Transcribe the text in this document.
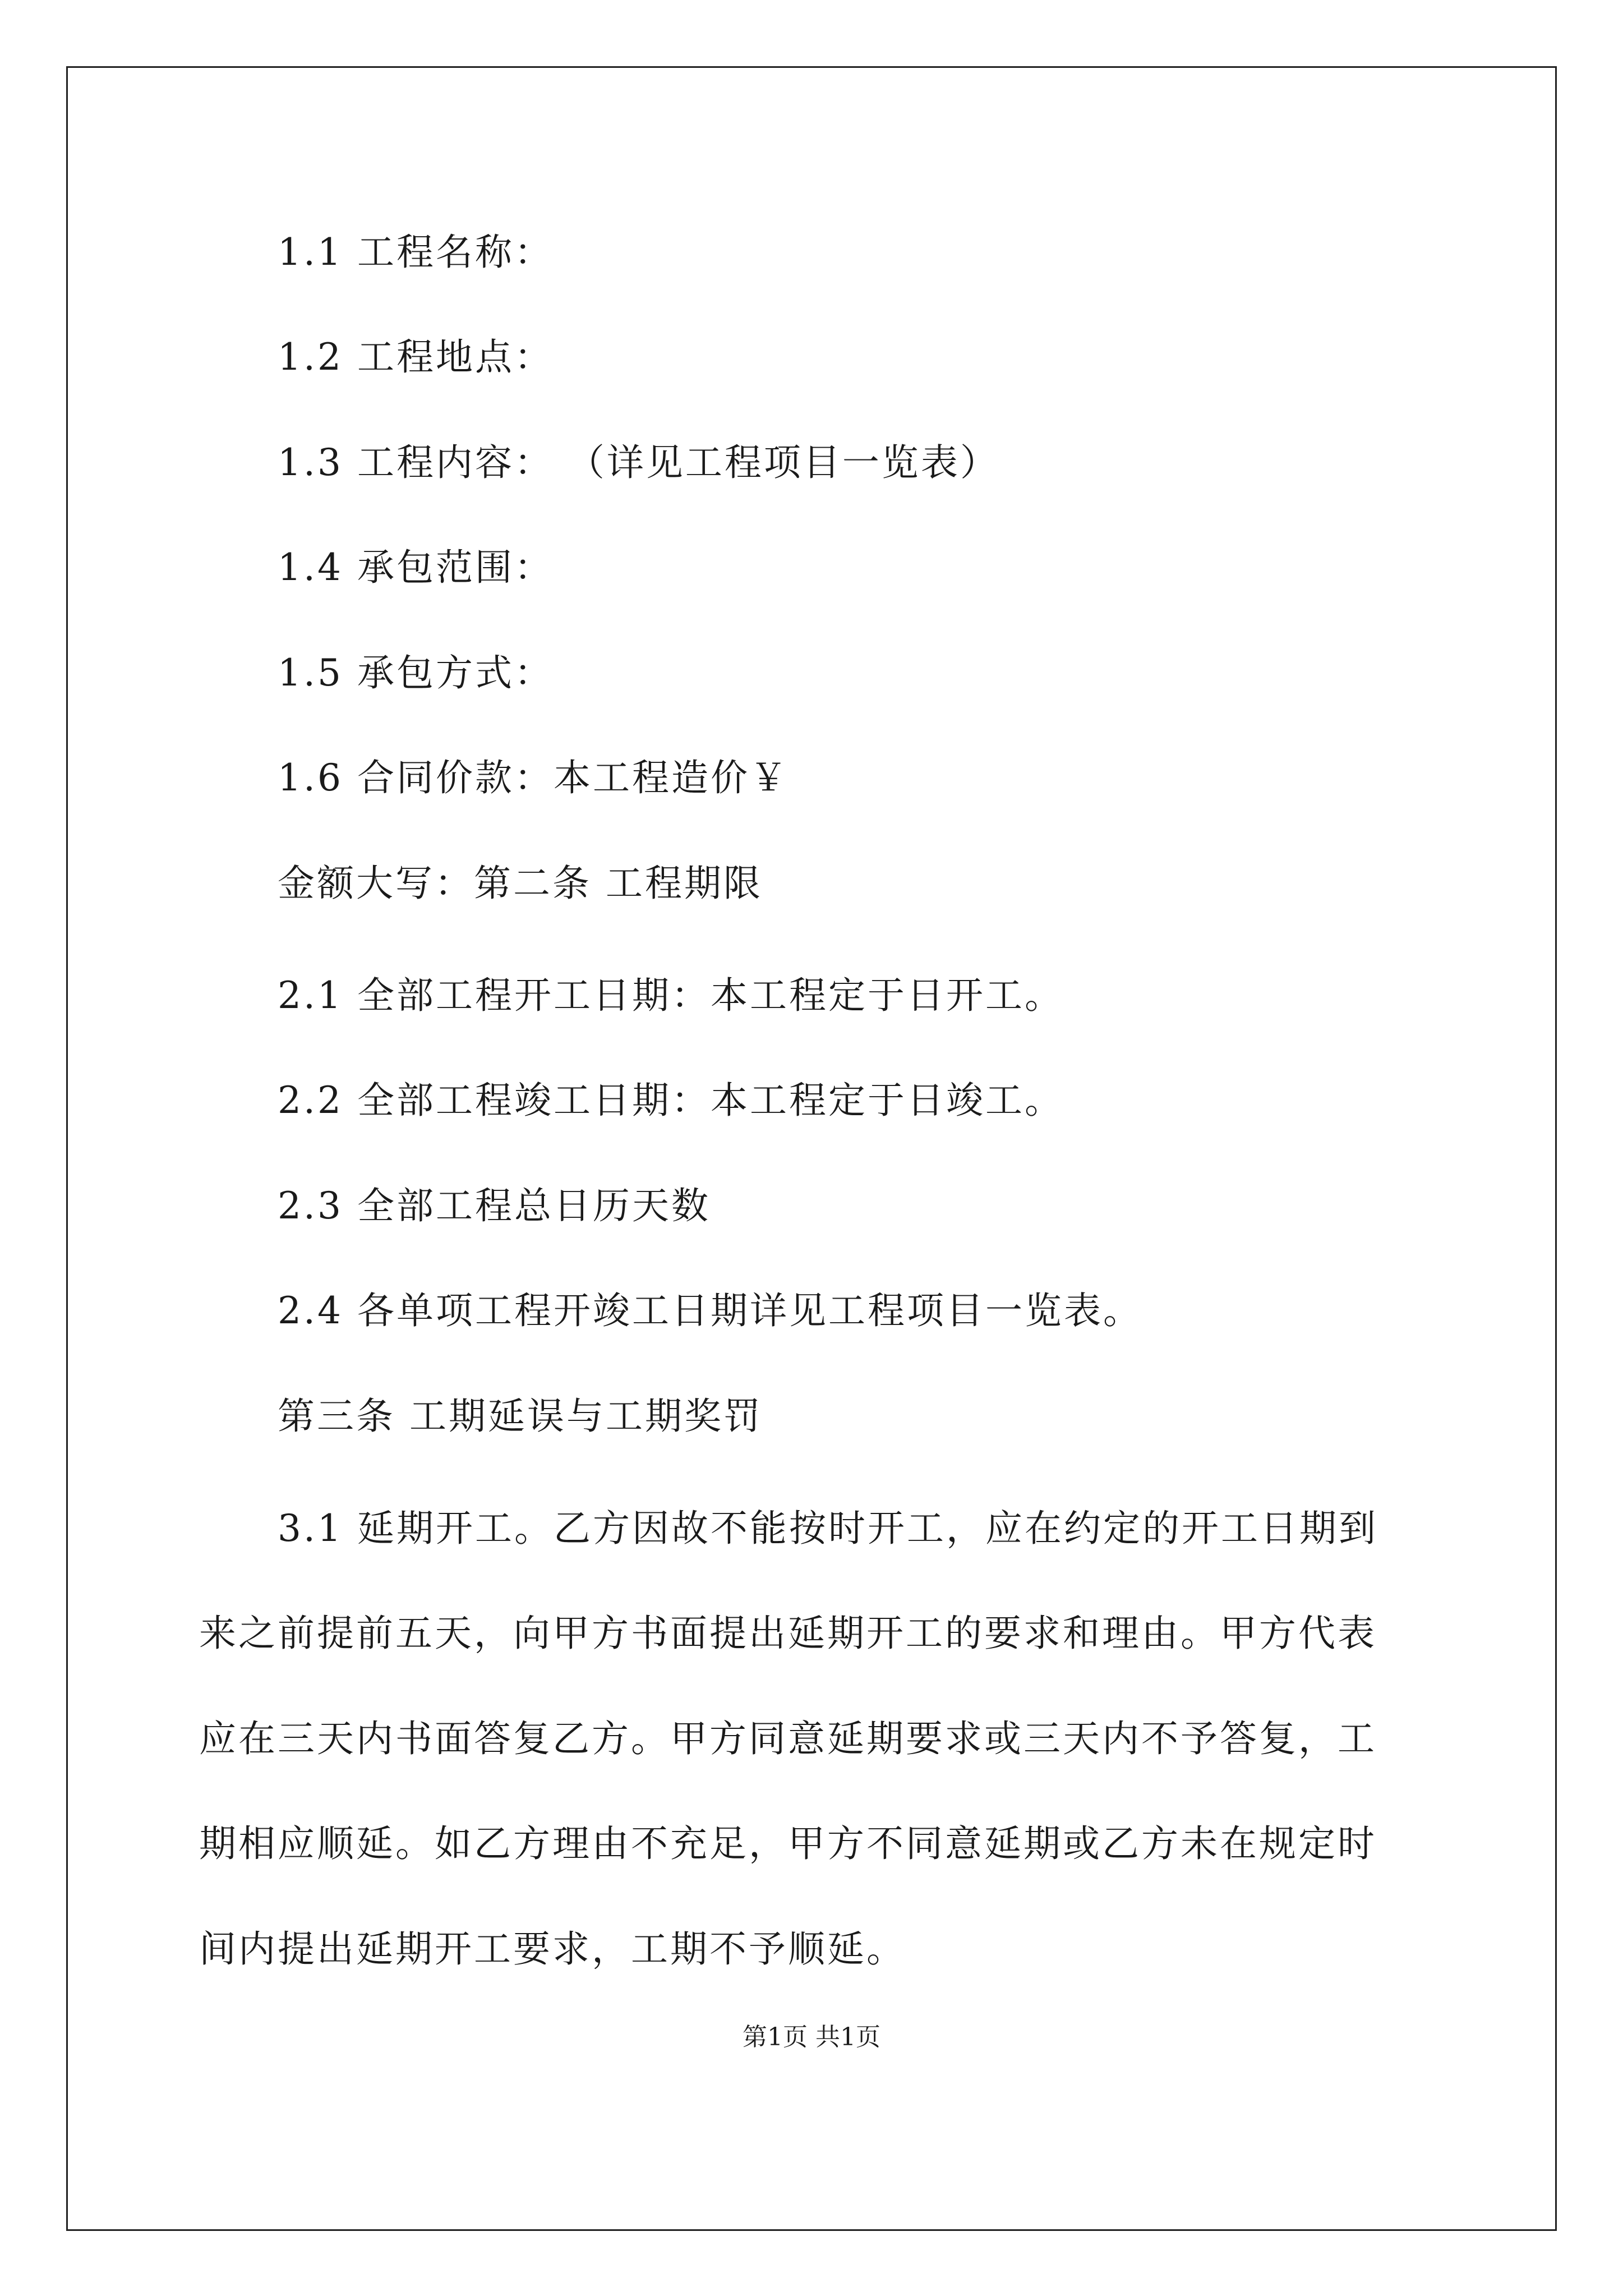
1.1 工程名称：
1.2 工程地点：
1.3 工程内容： （详见工程项目一览表）
1.4 承包范围：
1.5 承包方式：
1.6 合同价款：本工程造价￥
金额大写：第二条 工程期限
2.1 全部工程开工日期：本工程定于日开工。
2.2 全部工程竣工日期：本工程定于日竣工。
2.3 全部工程总日历天数
2.4 各单项工程开竣工日期详见工程项目一览表。
第三条 工期延误与工期奖罚
3.1 延期开工。乙方因故不能按时开工，应在约定的开工日期到
来之前提前五天，向甲方书面提出延期开工的要求和理由。甲方代表
应在三天内书面答复乙方。甲方同意延期要求或三天内不予答复，工
期相应顺延。如乙方理由不充足，甲方不同意延期或乙方未在规定时
间内提出延期开工要求，工期不予顺延。
第1页 共1页
